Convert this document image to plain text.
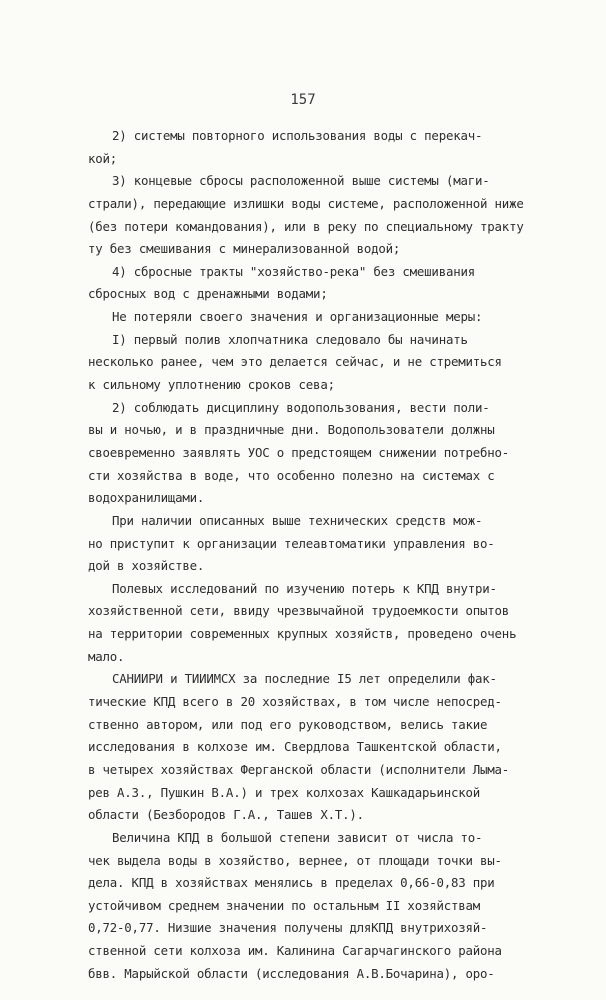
157
2) системы повторного использования воды с перекач-
кой;
3) концевые сбросы расположенной выше системы (маги-
страли), передающие излишки воды системе, расположенной ниже
(без потери командования), или в реку по специальному тракту
ту без смешивания с минерализованной водой;
4) сбросные тракты "хозяйство-река" без смешивания
сбросных вод с дренажными водами;
Не потеряли своего значения и организационные меры:
I) первый полив хлопчатника следовало бы начинать
несколько ранее, чем это делается сейчас, и не стремиться
к сильному уплотнению сроков сева;
2) соблюдать дисциплину водопользования, вести поли-
вы и ночью, и в праздничные дни. Водопользователи должны
своевременно заявлять УОС о предстоящем снижении потребно-
сти хозяйства в воде, что особенно полезно на системах с
водохранилищами.
При наличии описанных выше технических средств мож-
но приступит к организации телеавтоматики управления во-
дой в хозяйстве.
Полевых исследований по изучению потерь к КПД внутри-
хозяйственной сети, ввиду чрезвычайной трудоемкости опытов
на территории современных крупных хозяйств, проведено очень
мало.
САНИИРИ и ТИИИМСХ за последние I5 лет определили фак-
тические КПД всего в 20 хозяйствах, в том числе непосред-
ственно автором, или под его руководством, велись такие
исследования в колхозе им. Свердлова Ташкентской области,
в четырех хозяйствах Ферганской области (исполнители Лыма-
рев А.З., Пушкин В.А.) и трех колхозах Кашкадарьинской
области (Безбородов Г.А., Ташев Х.Т.).
Величина КПД в большой степени зависит от числа то-
чек выдела воды в хозяйство, вернее, от площади точки вы-
дела. КПД в хозяйствах менялись в пределах 0,66-0,83 при
устойчивом среднем значении по остальным II хозяйствам
0,72-0,77. Низшие значения получены дляКПД внутрихозяй-
ственной сети колхоза им. Калинина Сагарчагинского района
бвв. Марыйской области (исследования А.В.Бочарина), оро-
